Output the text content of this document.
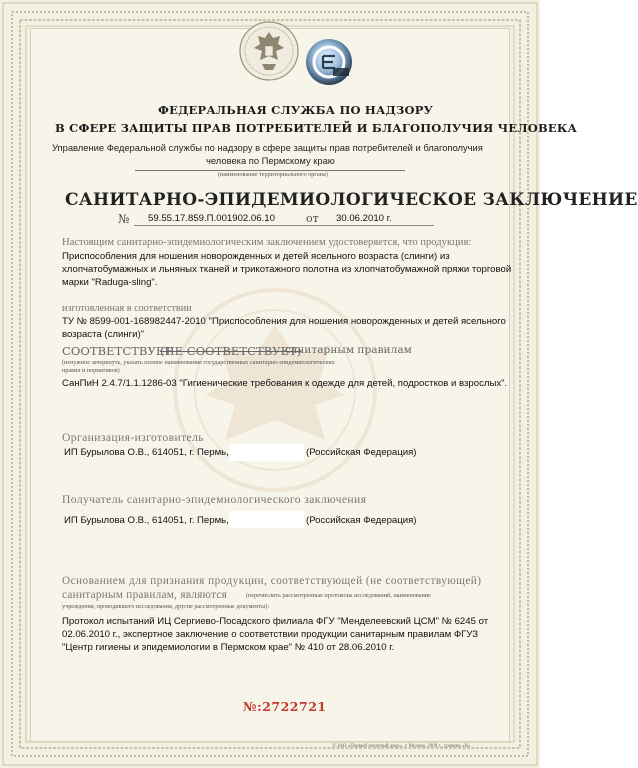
ФЕДЕРАЛЬНАЯ СЛУЖБА ПО НАДЗОРУ
В СФЕРЕ ЗАЩИТЫ ПРАВ ПОТРЕБИТЕЛЕЙ И БЛАГОПОЛУЧИЯ ЧЕЛОВЕКА
Управление Федеральной службы по надзору в сфере защиты прав потребителей и благополучия
человека по Пермскому краю
(наименование территориального органа)
САНИТАРНО-ЭПИДЕМИОЛОГИЧЕСКОЕ ЗАКЛЮЧЕНИЕ
№ 59.55.17.859.П.001902.06.10	от 30.06.2010 г.
Настоящим санитарно-эпидемиологическим заключением удостоверяется, что продукция:
Приспособления для ношения новорожденных и детей ясельного возраста (слинги) из
хлопчатобумажных и льняных тканей и трикотажного полотна из хлопчатобумажной пряжи торговой
марки "Raduga-sling".
изготовленная в соответствии
ТУ № 8599-001-168982447-2010 "Приспособления для ношения новорожденных и детей ясельного
возраста (слинги)"
СООТВЕТСТВУЕТ
(НЕ СООТВЕТСТВУЕТ)
санитарным правилам
(ненужное зачеркнуть, указать полное наименование государственных санитарно-эпидемиологических
правил и нормативов)
СанПиН 2.4.7/1.1.1286-03 "Гигиенические требования к одежде для детей, подростков и взрослых".
Организация-изготовитель
ИП Бурылова О.В., 614051, г. Пермь,	(Российская Федерация)
Получатель санитарно-эпидемиологического заключения
ИП Бурылова О.В., 614051, г. Пермь,	(Российская Федерация)
Основанием для признания продукции, соответствующей (не соответствующей)
санитарным правилам, являются	(перечислить рассмотренные протоколы исследований, наименование
учреждения, проводившего исследования, другие рассмотренные документы):
Протокол испытаний ИЦ Сергиево-Посадского филиала ФГУ "Менделеевский ЦСМ" № 6245 от
02.06.2010 г., экспертное заключение о соответствии продукции санитарным правилам ФГУЗ
"Центр гигиены и эпидемиологии в Пермском крае" № 410 от 28.06.2010 г.
№:2722721
© ЗАО «Первый печатный двор», г. Москва, 2009 г., уровень «В»
